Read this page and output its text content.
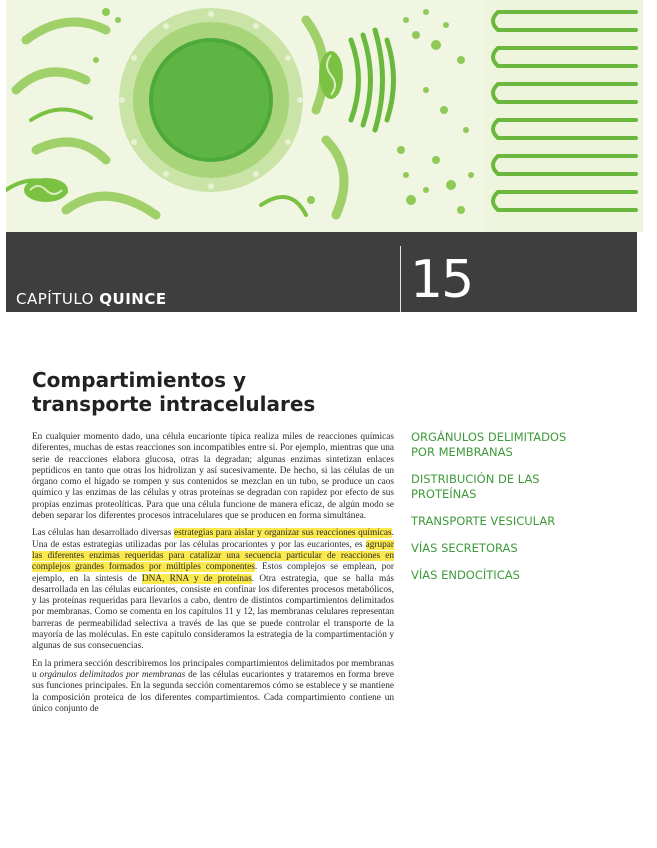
CAPÍTULO QUINCE	15
Compartimientos y transporte intracelulares

En cualquier momento dado, una célula eucarionte típica realiza miles de reacciones químicas diferentes, muchas de estas reacciones son incompatibles entre sí. Por ejemplo, mientras que una serie de reacciones elabora glucosa, otras la degradan; algunas enzimas sintetizan enlaces peptídicos en tanto que otras los hidrolizan y así sucesivamente. De hecho, si las células de un órgano como el hígado se rompen y sus contenidos se mezclan en un tubo, se produce un caos químico y las enzimas de las células y otras proteínas se degradan con rapidez por efecto de sus propias enzimas proteolíticas. Para que una célula funcione de manera eficaz, de algún modo se deben separar los diferentes procesos intracelulares que se producen en forma simultánea.

Las células han desarrollado diversas estrategias para aislar y organizar sus reacciones químicas. Una de estas estrategias utilizadas por las células procariontes y por las eucariontes, es agrupar las diferentes enzimas requeridas para catalizar una secuencia particular de reacciones en complejos grandes formados por múltiples componentes. Estos complejos se emplean, por ejemplo, en la síntesis de DNA, RNA y de proteínas. Otra estrategia, que se halla más desarrollada en las células eucariontes, consiste en confinar los diferentes procesos metabólicos, y las proteínas requeridas para llevarlos a cabo, dentro de distintos compartimientos delimitados por membranas. Como se comenta en los capítulos 11 y 12, las membranas celulares representan barreras de permeabilidad selectiva a través de las que se puede controlar el transporte de la mayoría de las moléculas. En este capítulo consideramos la estrategia de la compartimentación y algunas de sus consecuencias.

En la primera sección describiremos los principales compartimientos delimitados por membranas u orgánulos delimitados por membranas de las células eucariontes y trataremos en forma breve sus funciones principales. En la segunda sección comentaremos cómo se establece y se mantiene la composición proteica de los diferentes compartimientos. Cada compartimiento contiene un único conjunto de

ORGÁNULOS DELIMITADOS POR MEMBRANAS
DISTRIBUCIÓN DE LAS PROTEÍNAS
TRANSPORTE VESICULAR
VÍAS SECRETORAS
VÍAS ENDOCÍTICAS
